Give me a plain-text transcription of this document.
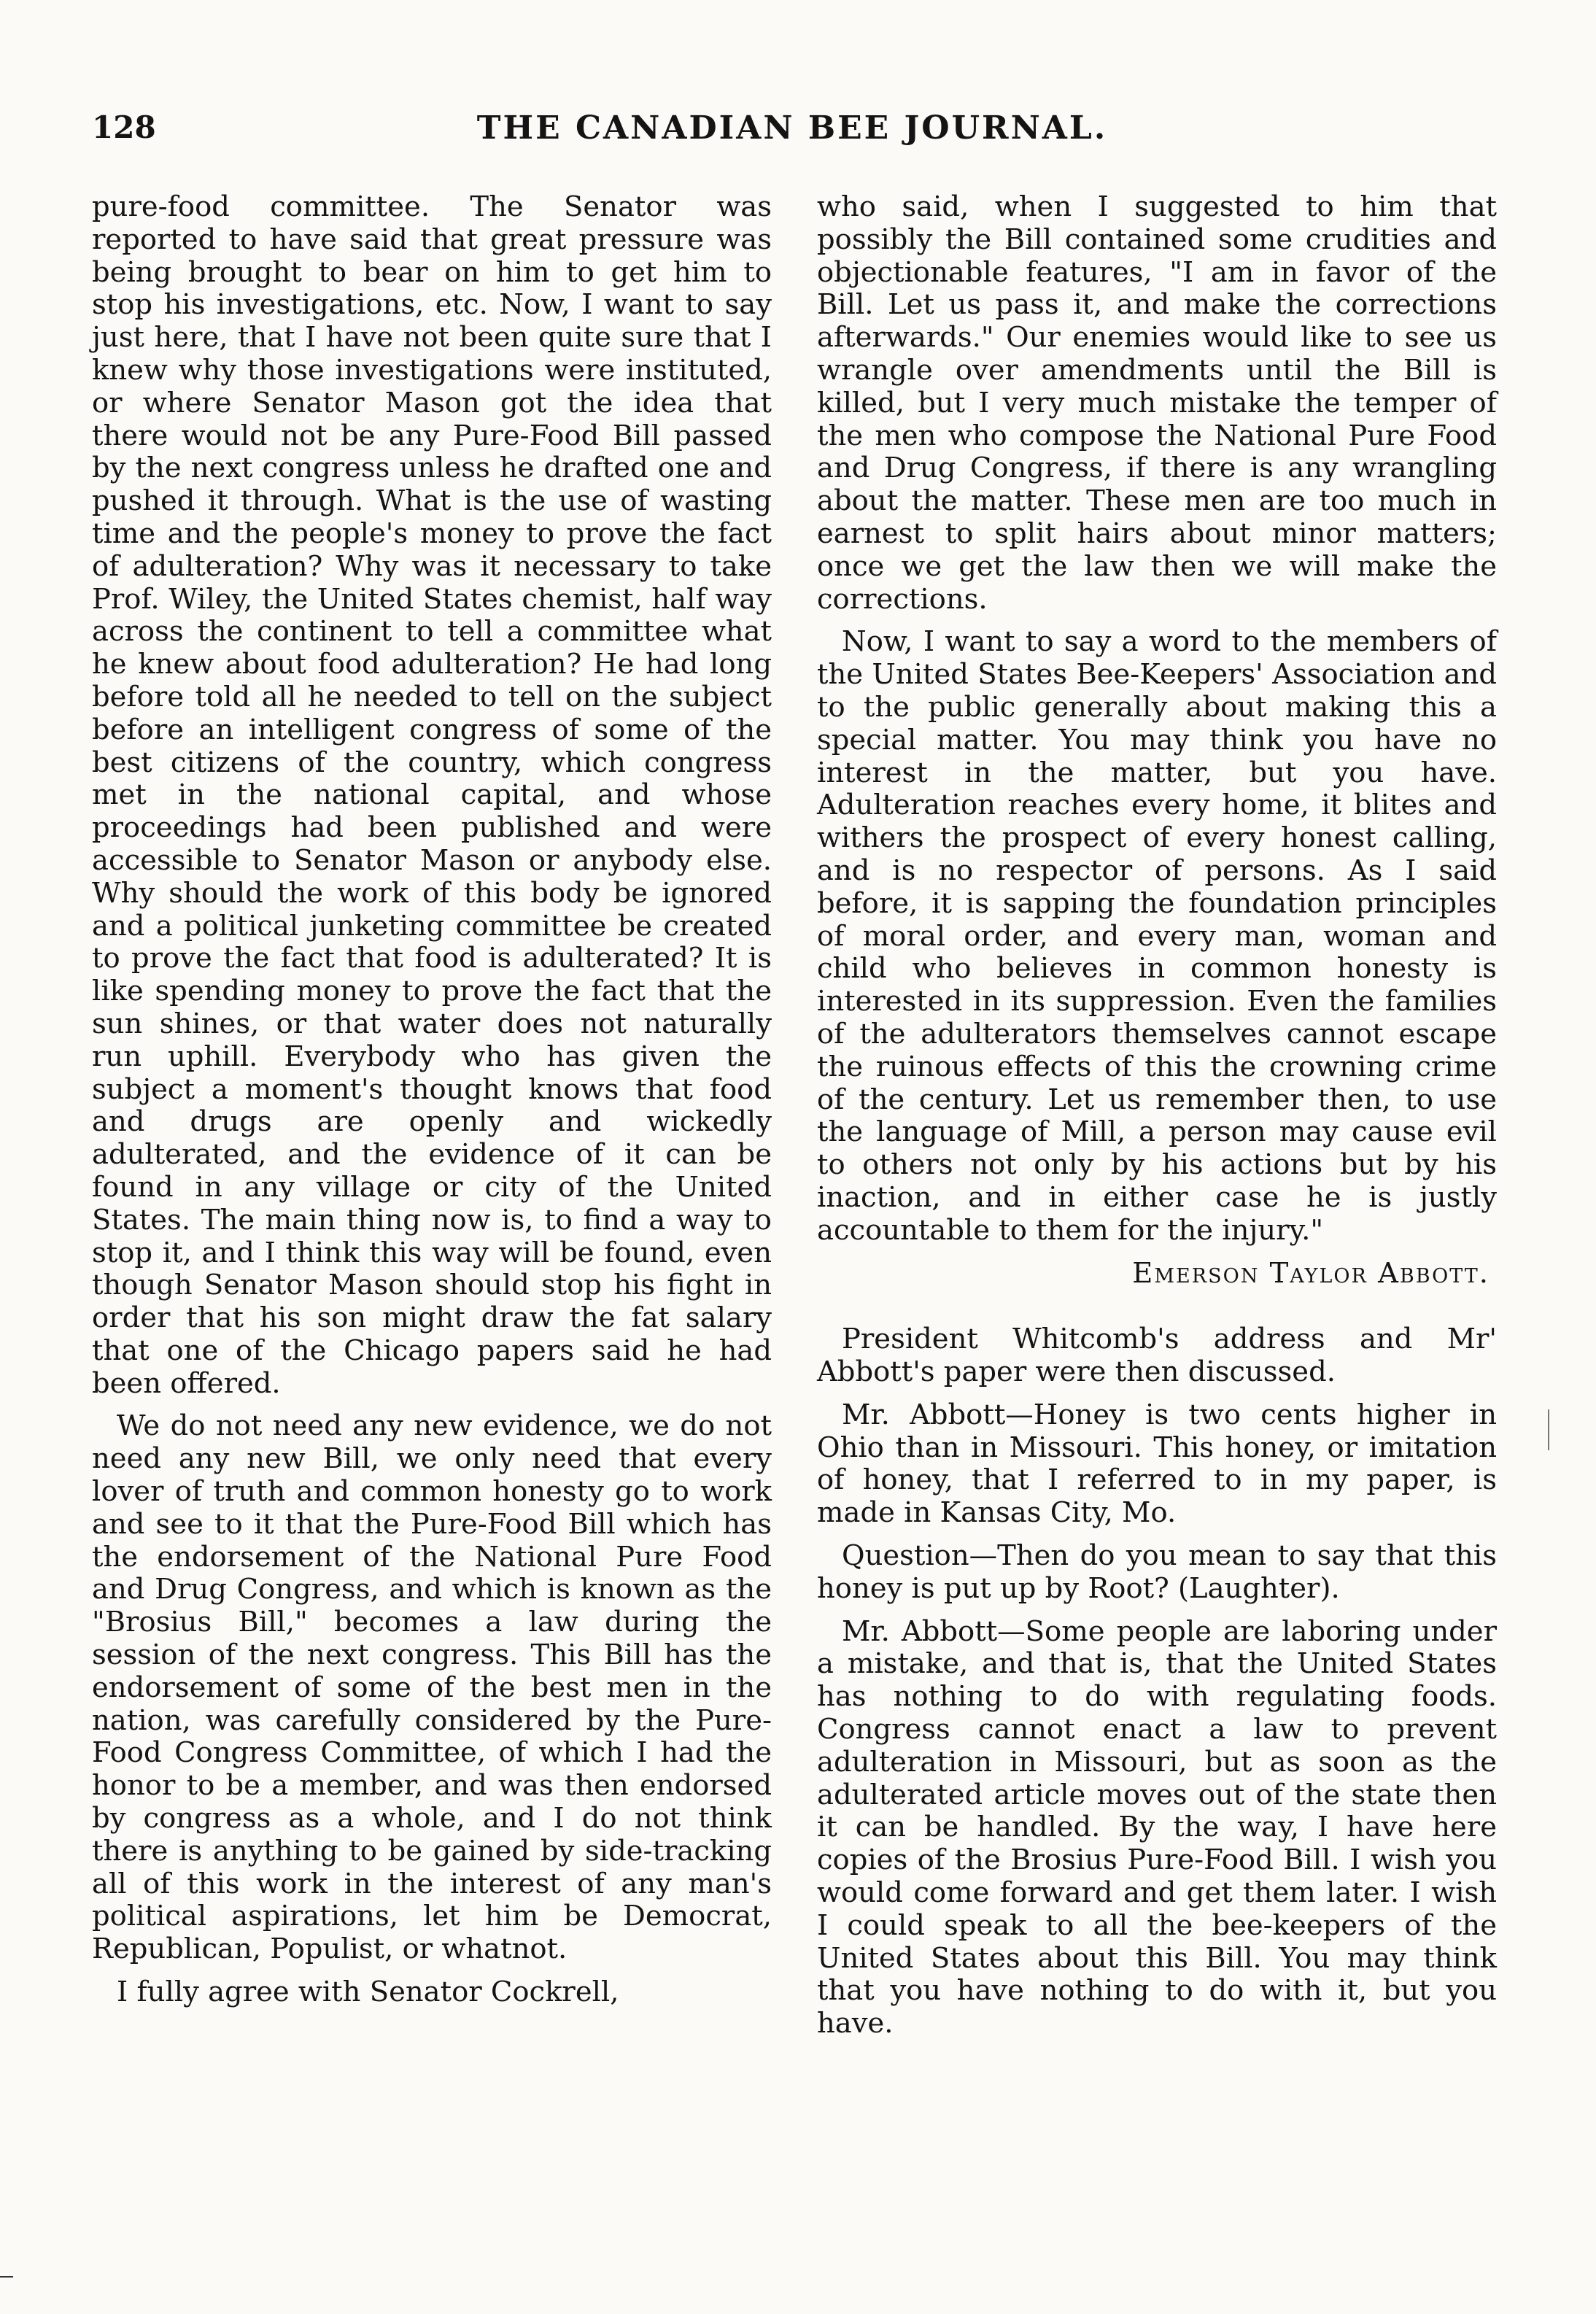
128	THE CANADIAN BEE JOURNAL.

pure-food committee. The Senator was reported to have said that great pressure was being brought to bear on him to get him to stop his investigations, etc. Now, I want to say just here, that I have not been quite sure that I knew why those investigations were instituted, or where Senator Mason got the idea that there would not be any Pure-Food Bill passed by the next congress unless he drafted one and pushed it through. What is the use of wasting time and the people's money to prove the fact of adulteration? Why was it necessary to take Prof. Wiley, the United States chemist, half way across the continent to tell a committee what he knew about food adulteration? He had long before told all he needed to tell on the subject before an intelligent congress of some of the best citizens of the country, which congress met in the national capital, and whose proceedings had been published and were accessible to Senator Mason or anybody else. Why should the work of this body be ignored and a political junketing committee be created to prove the fact that food is adulterated? It is like spending money to prove the fact that the sun shines, or that water does not naturally run uphill. Everybody who has given the subject a moment's thought knows that food and drugs are openly and wickedly adulterated, and the evidence of it can be found in any village or city of the United States. The main thing now is, to find a way to stop it, and I think this way will be found, even though Senator Mason should stop his fight in order that his son might draw the fat salary that one of the Chicago papers said he had been offered.

We do not need any new evidence, we do not need any new Bill, we only need that every lover of truth and common honesty go to work and see to it that the Pure-Food Bill which has the endorsement of the National Pure Food and Drug Congress, and which is known as the "Brosius Bill," becomes a law during the session of the next congress. This Bill has the endorsement of some of the best men in the nation, was carefully considered by the Pure-Food Congress Committee, of which I had the honor to be a member, and was then endorsed by congress as a whole, and I do not think there is anything to be gained by side-tracking all of this work in the interest of any man's political aspirations, let him be Democrat, Republican, Populist, or whatnot.

I fully agree with Senator Cockrell,

who said, when I suggested to him that possibly the Bill contained some crudities and objectionable features, "I am in favor of the Bill. Let us pass it, and make the corrections afterwards." Our enemies would like to see us wrangle over amendments until the Bill is killed, but I very much mistake the temper of the men who compose the National Pure Food and Drug Congress, if there is any wrangling about the matter. These men are too much in earnest to split hairs about minor matters; once we get the law then we will make the corrections.

Now, I want to say a word to the members of the United States Bee-Keepers' Association and to the public generally about making this a special matter. You may think you have no interest in the matter, but you have. Adulteration reaches every home, it blites and withers the prospect of every honest calling, and is no respector of persons. As I said before, it is sapping the foundation principles of moral order, and every man, woman and child who believes in common honesty is interested in its suppression. Even the families of the adulterators themselves cannot escape the ruinous effects of this the crowning crime of the century. Let us remember then, to use the language of Mill, a person may cause evil to others not only by his actions but by his inaction, and in either case he is justly accountable to them for the injury."

Emerson Taylor Abbott.

President Whitcomb's address and Mr' Abbott's paper were then discussed.

Mr. Abbott—Honey is two cents higher in Ohio than in Missouri. This honey, or imitation of honey, that I referred to in my paper, is made in Kansas City, Mo.

Question—Then do you mean to say that this honey is put up by Root? (Laughter).

Mr. Abbott—Some people are laboring under a mistake, and that is, that the United States has nothing to do with regulating foods. Congress cannot enact a law to prevent adulteration in Missouri, but as soon as the adulterated article moves out of the state then it can be handled. By the way, I have here copies of the Brosius Pure-Food Bill. I wish you would come forward and get them later. I wish I could speak to all the bee-keepers of the United States about this Bill. You may think that you have nothing to do with it, but you have.
